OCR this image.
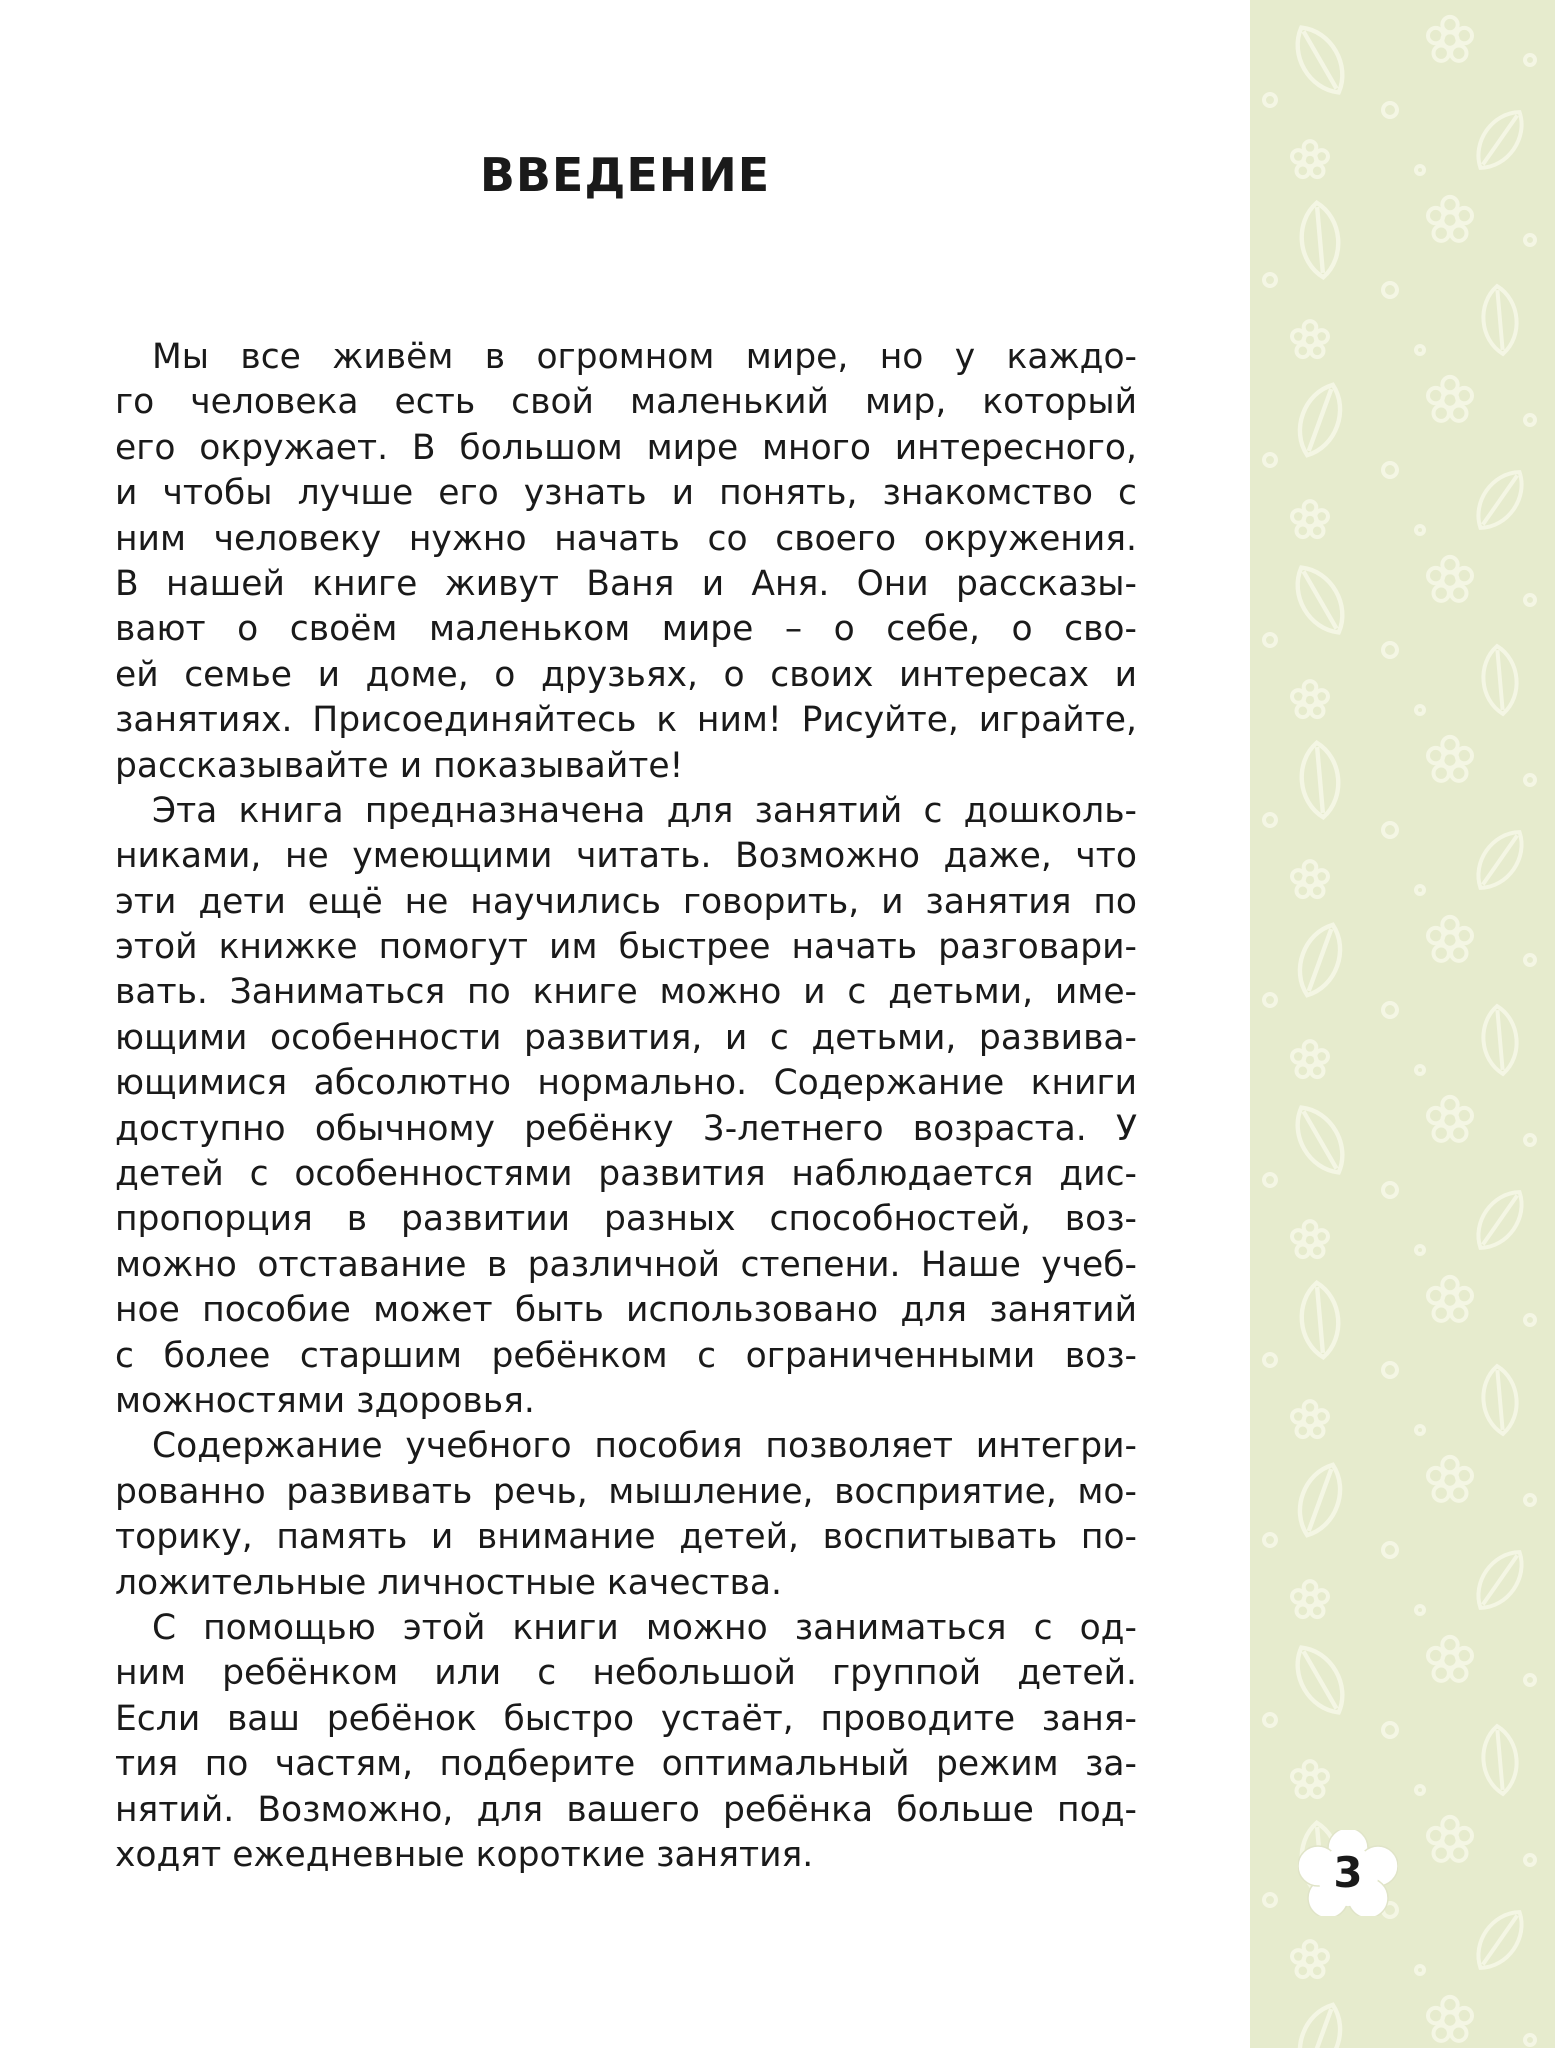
ВВЕДЕНИЕ
Мы все живём в огромном мире, но у каждо-
го человека есть свой маленький мир, который
его окружает. В большом мире много интересного,
и чтобы лучше его узнать и понять, знакомство с
ним человеку нужно начать со своего окружения.
В нашей книге живут Ваня и Аня. Они рассказы-
вают о своём маленьком мире – о себе, о сво-
ей семье и доме, о друзьях, о своих интересах и
занятиях. Присоединяйтесь к ним! Рисуйте, играйте,
рассказывайте и показывайте!
Эта книга предназначена для занятий с дошколь-
никами, не умеющими читать. Возможно даже, что
эти дети ещё не научились говорить, и занятия по
этой книжке помогут им быстрее начать разговари-
вать. Заниматься по книге можно и с детьми, име-
ющими особенности развития, и с детьми, развива-
ющимися абсолютно нормально. Содержание книги
доступно обычному ребёнку 3-летнего возраста. У
детей с особенностями развития наблюдается дис-
пропорция в развитии разных способностей, воз-
можно отставание в различной степени. Наше учеб-
ное пособие может быть использовано для занятий
с более старшим ребёнком с ограниченными воз-
можностями здоровья.
Содержание учебного пособия позволяет интегри-
рованно развивать речь, мышление, восприятие, мо-
торику, память и внимание детей, воспитывать по-
ложительные личностные качества.
С помощью этой книги можно заниматься с од-
ним ребёнком или с небольшой группой детей.
Если ваш ребёнок быстро устаёт, проводите заня-
тия по частям, подберите оптимальный режим за-
нятий. Возможно, для вашего ребёнка больше под-
ходят ежедневные короткие занятия.	3
